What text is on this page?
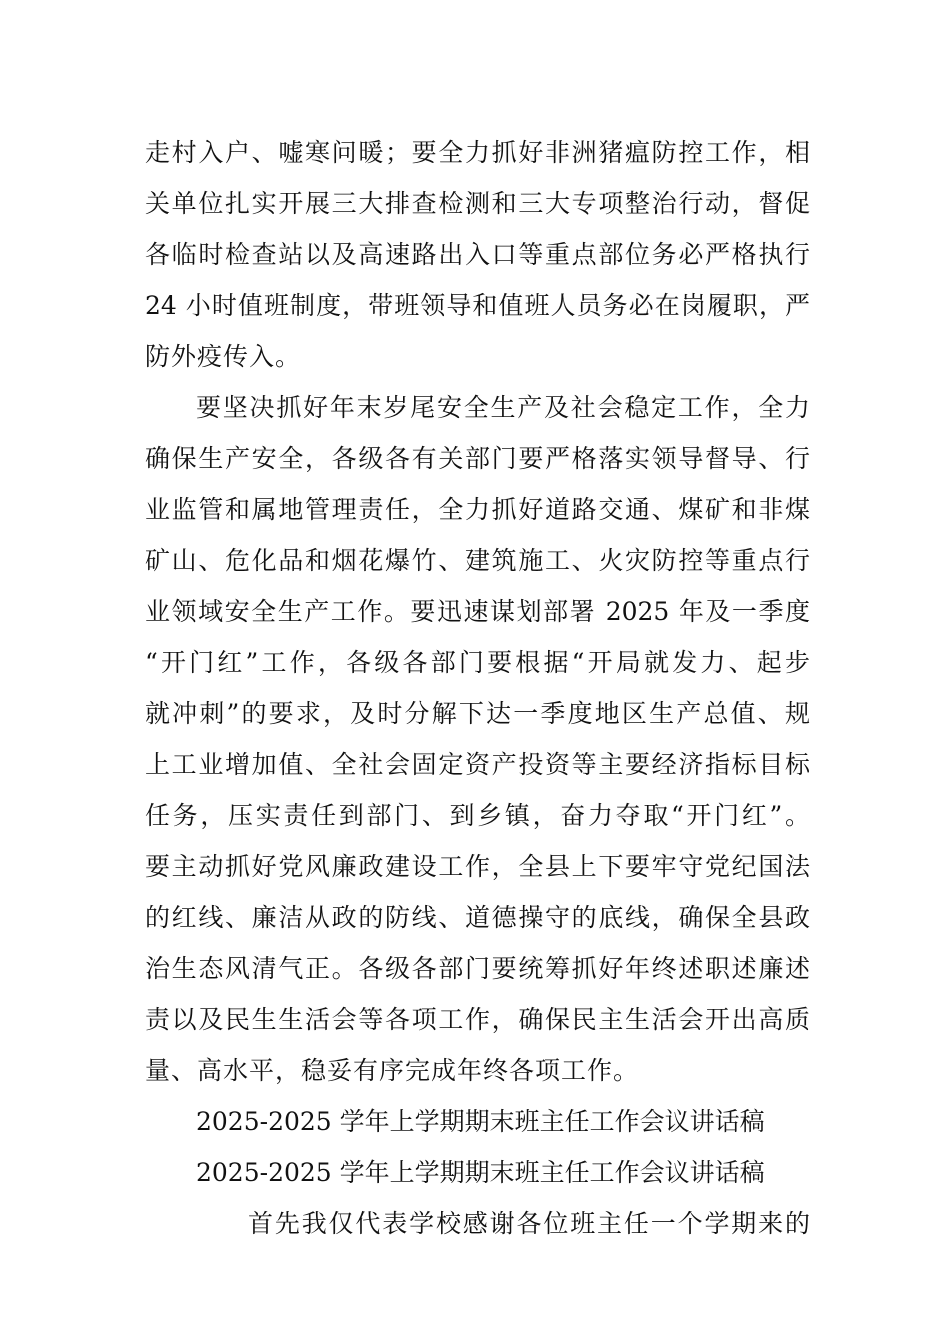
走村入户、嘘寒问暖；要全力抓好非洲猪瘟防控工作，相
关单位扎实开展三大排查检测和三大专项整治行动，督促
各临时检查站以及高速路出入口等重点部位务必严格执行
24 小时值班制度，带班领导和值班人员务必在岗履职，严
防外疫传入。
要坚决抓好年末岁尾安全生产及社会稳定工作，全力
确保生产安全，各级各有关部门要严格落实领导督导、行
业监管和属地管理责任，全力抓好道路交通、煤矿和非煤
矿山、危化品和烟花爆竹、建筑施工、火灾防控等重点行
业领域安全生产工作。要迅速谋划部署 2025 年及一季度
“开门红”工作，各级各部门要根据“开局就发力、起步
就冲刺”的要求，及时分解下达一季度地区生产总值、规
上工业增加值、全社会固定资产投资等主要经济指标目标
任务，压实责任到部门、到乡镇，奋力夺取“开门红”。
要主动抓好党风廉政建设工作，全县上下要牢守党纪国法
的红线、廉洁从政的防线、道德操守的底线，确保全县政
治生态风清气正。各级各部门要统筹抓好年终述职述廉述
责以及民生生活会等各项工作，确保民主生活会开出高质
量、高水平，稳妥有序完成年终各项工作。
2025-2025 学年上学期期末班主任工作会议讲话稿
2025-2025 学年上学期期末班主任工作会议讲话稿
首先我仅代表学校感谢各位班主任一个学期来的
